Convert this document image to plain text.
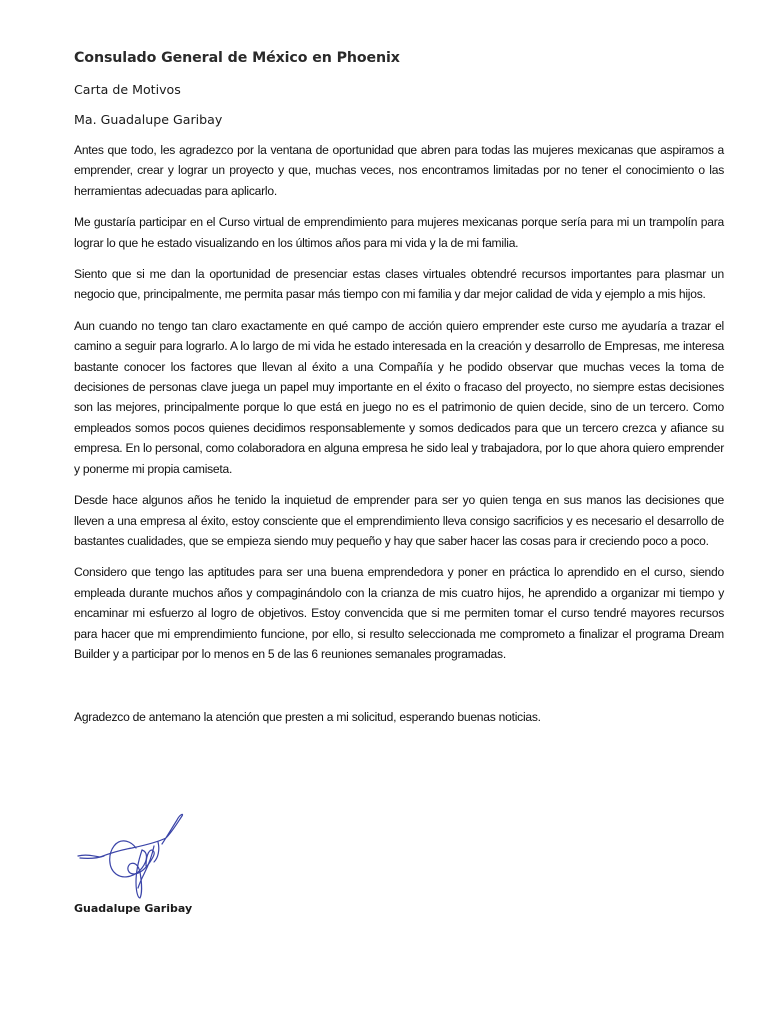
Consulado General de México en Phoenix

Carta de Motivos

Ma. Guadalupe Garibay

Antes que todo, les agradezco por la ventana de oportunidad que abren para todas las mujeres mexicanas que aspiramos a emprender, crear y lograr un proyecto y que, muchas veces, nos encontramos limitadas por no tener el conocimiento o las herramientas adecuadas para aplicarlo.

Me gustaría participar en el Curso virtual de emprendimiento para mujeres mexicanas porque sería para mi un trampolín para lograr lo que he estado visualizando en los últimos años para mi vida y la de mi familia.

Siento que si me dan la oportunidad de presenciar estas clases virtuales obtendré recursos importantes para plasmar un negocio que, principalmente, me permita pasar más tiempo con mi familia y dar mejor calidad de vida y ejemplo a mis hijos.

Aun cuando no tengo tan claro exactamente en qué campo de acción quiero emprender este curso me ayudaría a trazar el camino a seguir para lograrlo. A lo largo de mi vida he estado interesada en la creación y desarrollo de Empresas, me interesa bastante conocer los factores que llevan al éxito a una Compañía y he podido observar que muchas veces la toma de decisiones de personas clave juega un papel muy importante en el éxito o fracaso del proyecto, no siempre estas decisiones son las mejores, principalmente porque lo que está en juego no es el patrimonio de quien decide, sino de un tercero. Como empleados somos pocos quienes decidimos responsablemente y somos dedicados para que un tercero crezca y afiance su empresa. En lo personal, como colaboradora en alguna empresa he sido leal y trabajadora, por lo que ahora quiero emprender y ponerme mi propia camiseta.

Desde hace algunos años he tenido la inquietud de emprender para ser yo quien tenga en sus manos las decisiones que lleven a una empresa al éxito, estoy consciente que el emprendimiento lleva consigo sacrificios y es necesario el desarrollo de bastantes cualidades, que se empieza siendo muy pequeño y hay que saber hacer las cosas para ir creciendo poco a poco.

Considero que tengo las aptitudes para ser una buena emprendedora y poner en práctica lo aprendido en el curso, siendo empleada durante muchos años y compaginándolo con la crianza de mis cuatro hijos, he aprendido a organizar mi tiempo y encaminar mi esfuerzo al logro de objetivos. Estoy convencida que si me permiten tomar el curso tendré mayores recursos para hacer que mi emprendimiento funcione, por ello, si resulto seleccionada me comprometo a finalizar el programa Dream Builder y a participar por lo menos en 5 de las 6 reuniones semanales programadas.

Agradezco de antemano la atención que presten a mi solicitud, esperando buenas noticias.

Guadalupe Garibay
